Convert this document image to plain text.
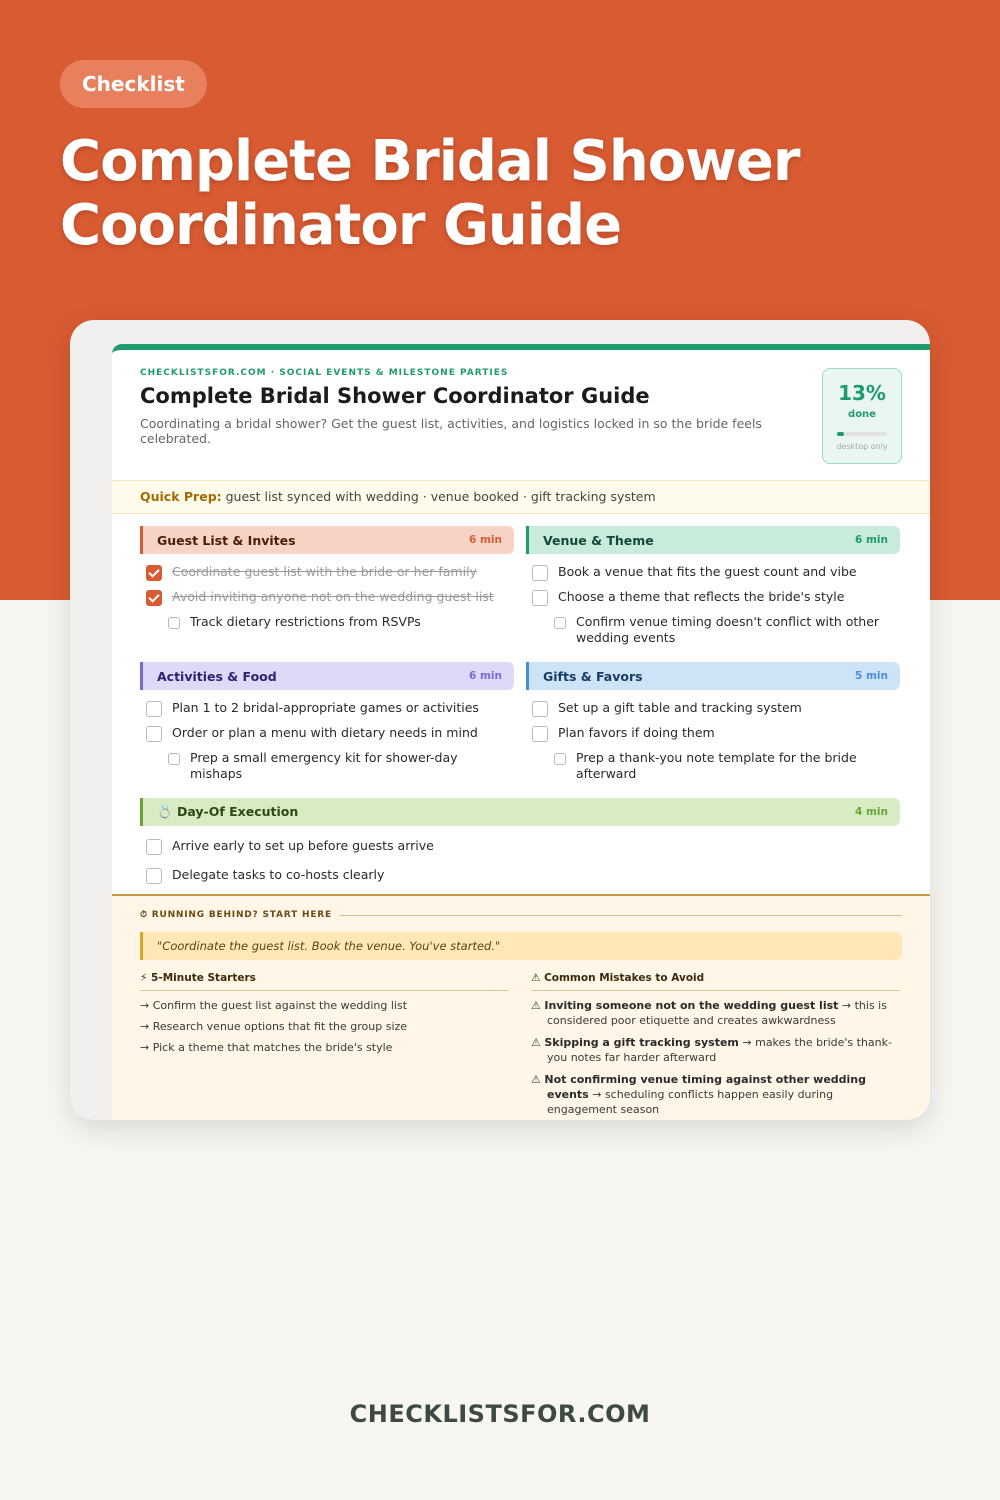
Checklist
Complete Bridal Shower Coordinator Guide
CHECKLISTSFOR.COM · SOCIAL EVENTS & MILESTONE PARTIES
Complete Bridal Shower Coordinator Guide
Coordinating a bridal shower? Get the guest list, activities, and logistics locked in so the bride feels celebrated.
13%
done
desktop only
Quick Prep: guest list synced with wedding · venue booked · gift tracking system
Guest List & Invites	6 min
Coordinate guest list with the bride or her family
Avoid inviting anyone not on the wedding guest list
Track dietary restrictions from RSVPs
Venue & Theme	6 min
Book a venue that fits the guest count and vibe
Choose a theme that reflects the bride's style
Confirm venue timing doesn't conflict with other wedding events
Activities & Food	6 min
Plan 1 to 2 bridal-appropriate games or activities
Order or plan a menu with dietary needs in mind
Prep a small emergency kit for shower-day mishaps
Gifts & Favors	5 min
Set up a gift table and tracking system
Plan favors if doing them
Prep a thank-you note template for the bride afterward
💍 Day-Of Execution	4 min
Arrive early to set up before guests arrive
Delegate tasks to co-hosts clearly
⏱
RUNNING BEHIND? START HERE
"Coordinate the guest list. Book the venue. You've started."
⚡ 5-Minute Starters
→ Confirm the guest list against the wedding list
→ Research venue options that fit the group size
→ Pick a theme that matches the bride's style
⚠ Common Mistakes to Avoid
⚠ Inviting someone not on the wedding guest list → this is considered poor etiquette and creates awkwardness
⚠ Skipping a gift tracking system → makes the bride's thank-you notes far harder afterward
⚠ Not confirming venue timing against other wedding events → scheduling conflicts happen easily during engagement season
CHECKLISTSFOR.COM
